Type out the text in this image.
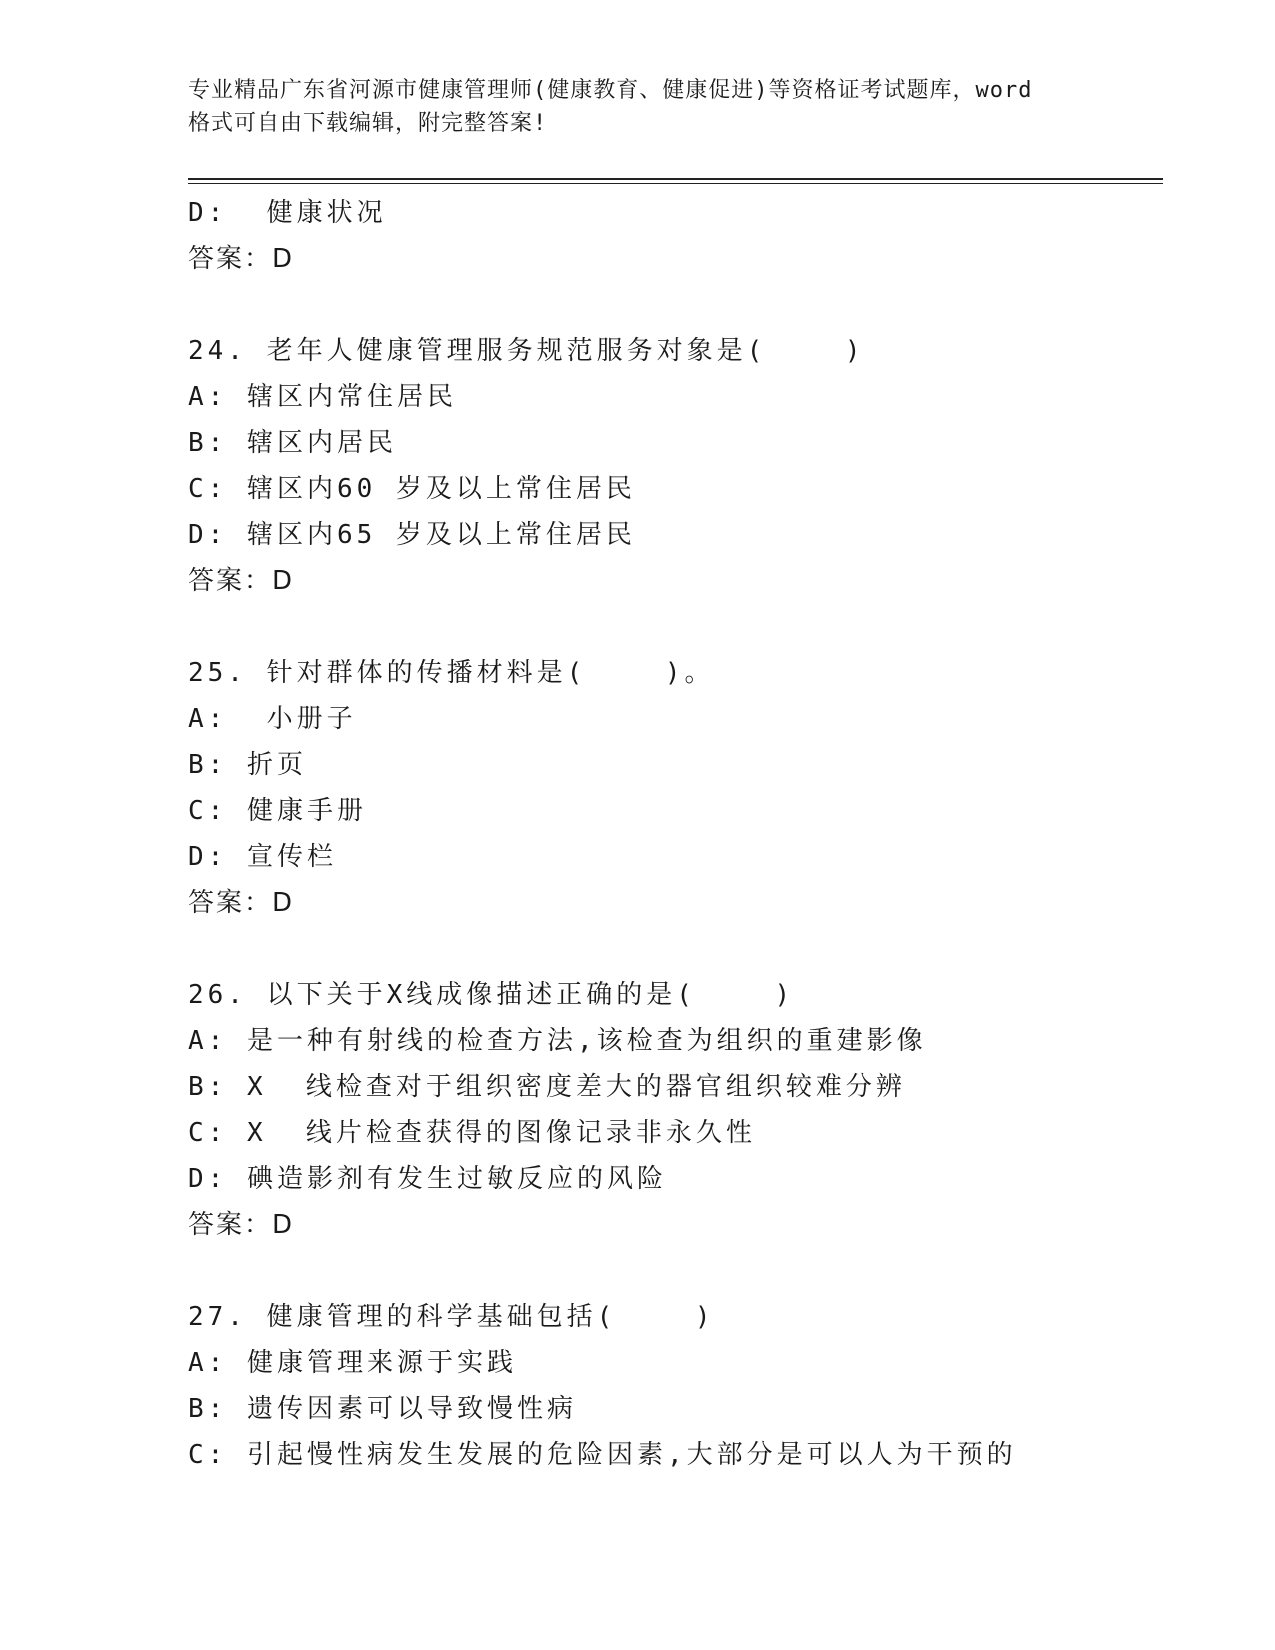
专业精品广东省河源市健康管理师(健康教育、健康促进)等资格证考试题库，word
格式可自由下载编辑，附完整答案!
D:  健康状况
答案：D
24. 老年人健康管理服务规范服务对象是(    )
A: 辖区内常住居民
B: 辖区内居民
C: 辖区内60 岁及以上常住居民
D: 辖区内65 岁及以上常住居民
答案：D
25. 针对群体的传播材料是(    )。
A:  小册子
B: 折页
C: 健康手册
D: 宣传栏
答案：D
26. 以下关于X线成像描述正确的是(    )
A: 是一种有射线的检查方法,该检查为组织的重建影像
B: X  线检查对于组织密度差大的器官组织较难分辨
C: X  线片检查获得的图像记录非永久性
D: 碘造影剂有发生过敏反应的风险
答案：D
27. 健康管理的科学基础包括(    )
A: 健康管理来源于实践
B: 遗传因素可以导致慢性病
C: 引起慢性病发生发展的危险因素,大部分是可以人为干预的
